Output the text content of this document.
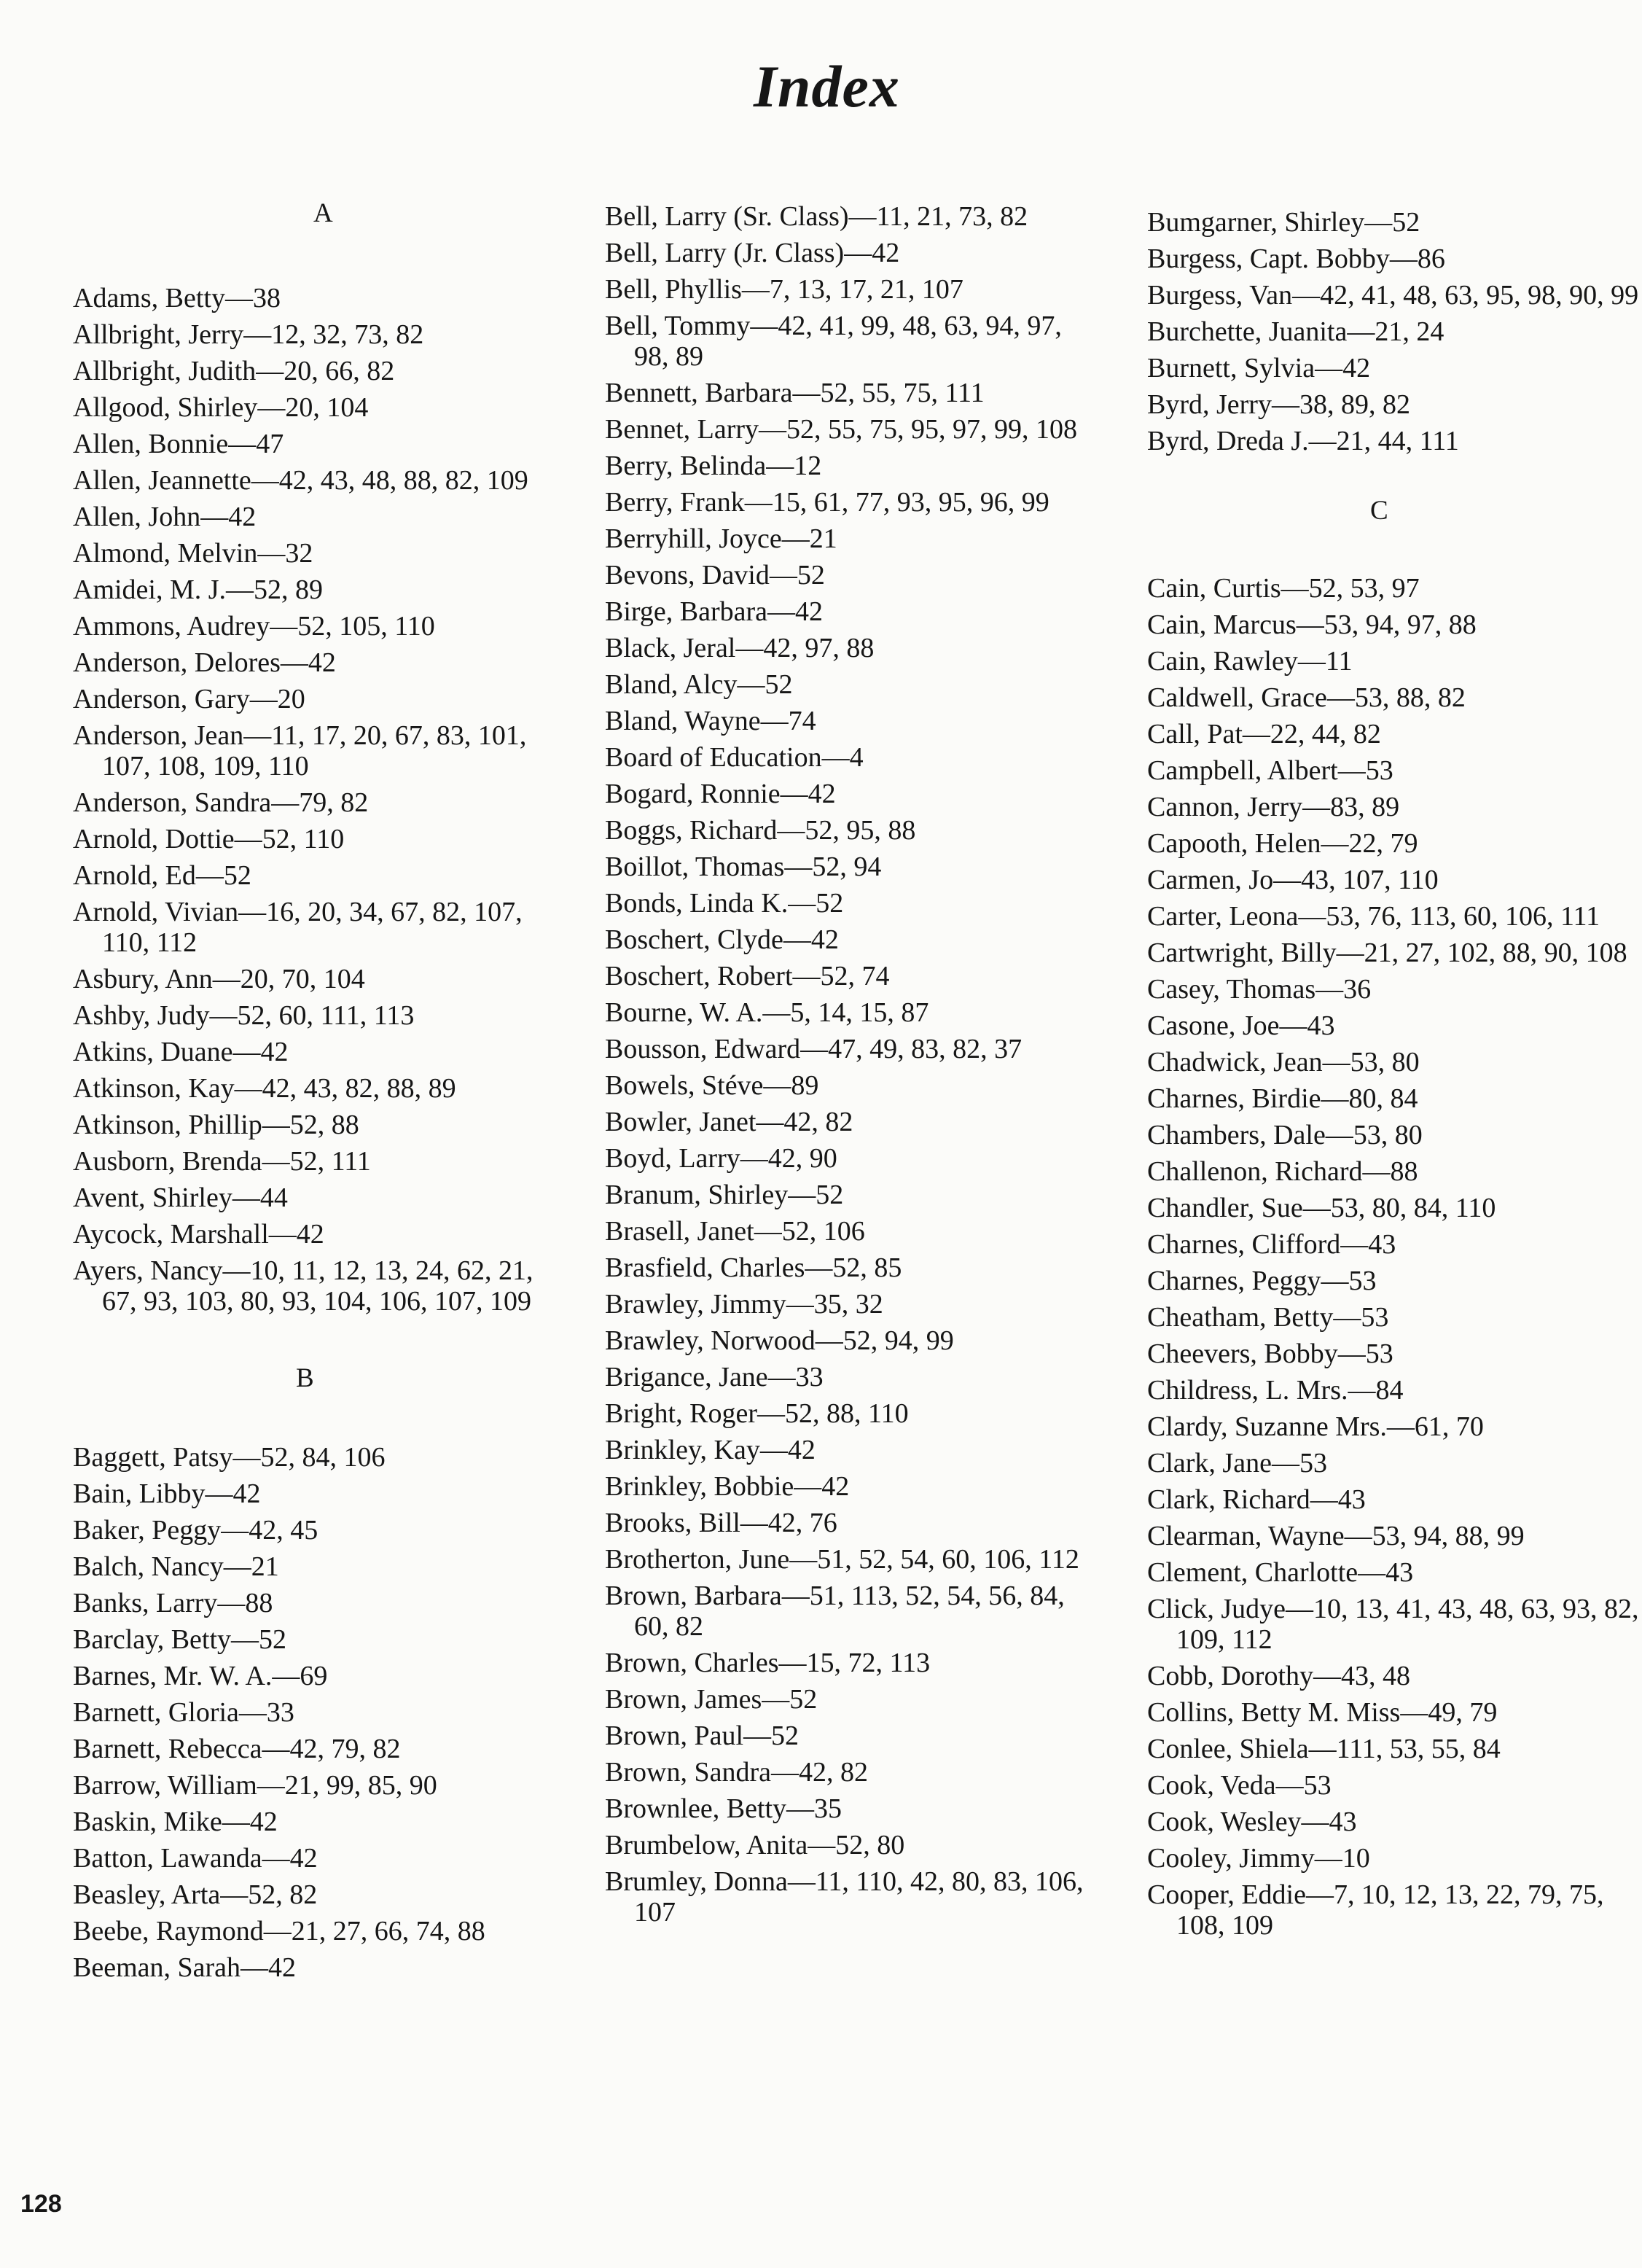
Index
A
Adams, Betty—38
Allbright, Jerry—12, 32, 73, 82
Allbright, Judith—20, 66, 82
Allgood, Shirley—20, 104
Allen, Bonnie—47
Allen, Jeannette—42, 43, 48, 88, 82, 109
Allen, John—42
Almond, Melvin—32
Amidei, M. J.—52, 89
Ammons, Audrey—52, 105, 110
Anderson, Delores—42
Anderson, Gary—20
Anderson, Jean—11, 17, 20, 67, 83, 101, 107, 108, 109, 110
Anderson, Sandra—79, 82
Arnold, Dottie—52, 110
Arnold, Ed—52
Arnold, Vivian—16, 20, 34, 67, 82, 107, 110, 112
Asbury, Ann—20, 70, 104
Ashby, Judy—52, 60, 111, 113
Atkins, Duane—42
Atkinson, Kay—42, 43, 82, 88, 89
Atkinson, Phillip—52, 88
Ausborn, Brenda—52, 111
Avent, Shirley—44
Aycock, Marshall—42
Ayers, Nancy—10, 11, 12, 13, 24, 62, 21, 67, 93, 103, 80, 93, 104, 106, 107, 109
B
Baggett, Patsy—52, 84, 106
Bain, Libby—42
Baker, Peggy—42, 45
Balch, Nancy—21
Banks, Larry—88
Barclay, Betty—52
Barnes, Mr. W. A.—69
Barnett, Gloria—33
Barnett, Rebecca—42, 79, 82
Barrow, William—21, 99, 85, 90
Baskin, Mike—42
Batton, Lawanda—42
Beasley, Arta—52, 82
Beebe, Raymond—21, 27, 66, 74, 88
Beeman, Sarah—42
Bell, Larry (Sr. Class)—11, 21, 73, 82
Bell, Larry (Jr. Class)—42
Bell, Phyllis—7, 13, 17, 21, 107
Bell, Tommy—42, 41, 99, 48, 63, 94, 97, 98, 89
Bennett, Barbara—52, 55, 75, 111
Bennet, Larry—52, 55, 75, 95, 97, 99, 108
Berry, Belinda—12
Berry, Frank—15, 61, 77, 93, 95, 96, 99
Berryhill, Joyce—21
Bevons, David—52
Birge, Barbara—42
Black, Jeral—42, 97, 88
Bland, Alcy—52
Bland, Wayne—74
Board of Education—4
Bogard, Ronnie—42
Boggs, Richard—52, 95, 88
Boillot, Thomas—52, 94
Bonds, Linda K.—52
Boschert, Clyde—42
Boschert, Robert—52, 74
Bourne, W. A.—5, 14, 15, 87
Bousson, Edward—47, 49, 83, 82, 37
Bowels, Stéve—89
Bowler, Janet—42, 82
Boyd, Larry—42, 90
Branum, Shirley—52
Brasell, Janet—52, 106
Brasfield, Charles—52, 85
Brawley, Jimmy—35, 32
Brawley, Norwood—52, 94, 99
Brigance, Jane—33
Bright, Roger—52, 88, 110
Brinkley, Kay—42
Brinkley, Bobbie—42
Brooks, Bill—42, 76
Brotherton, June—51, 52, 54, 60, 106, 112
Brown, Barbara—51, 113, 52, 54, 56, 84, 60, 82
Brown, Charles—15, 72, 113
Brown, James—52
Brown, Paul—52
Brown, Sandra—42, 82
Brownlee, Betty—35
Brumbelow, Anita—52, 80
Brumley, Donna—11, 110, 42, 80, 83, 106, 107
Bumgarner, Shirley—52
Burgess, Capt. Bobby—86
Burgess, Van—42, 41, 48, 63, 95, 98, 90, 99
Burchette, Juanita—21, 24
Burnett, Sylvia—42
Byrd, Jerry—38, 89, 82
Byrd, Dreda J.—21, 44, 111
C
Cain, Curtis—52, 53, 97
Cain, Marcus—53, 94, 97, 88
Cain, Rawley—11
Caldwell, Grace—53, 88, 82
Call, Pat—22, 44, 82
Campbell, Albert—53
Cannon, Jerry—83, 89
Capooth, Helen—22, 79
Carmen, Jo—43, 107, 110
Carter, Leona—53, 76, 113, 60, 106, 111
Cartwright, Billy—21, 27, 102, 88, 90, 108
Casey, Thomas—36
Casone, Joe—43
Chadwick, Jean—53, 80
Charnes, Birdie—80, 84
Chambers, Dale—53, 80
Challenon, Richard—88
Chandler, Sue—53, 80, 84, 110
Charnes, Clifford—43
Charnes, Peggy—53
Cheatham, Betty—53
Cheevers, Bobby—53
Childress, L. Mrs.—84
Clardy, Suzanne Mrs.—61, 70
Clark, Jane—53
Clark, Richard—43
Clearman, Wayne—53, 94, 88, 99
Clement, Charlotte—43
Click, Judye—10, 13, 41, 43, 48, 63, 93, 82, 109, 112
Cobb, Dorothy—43, 48
Collins, Betty M. Miss—49, 79
Conlee, Shiela—111, 53, 55, 84
Cook, Veda—53
Cook, Wesley—43
Cooley, Jimmy—10
Cooper, Eddie—7, 10, 12, 13, 22, 79, 75, 108, 109
128
